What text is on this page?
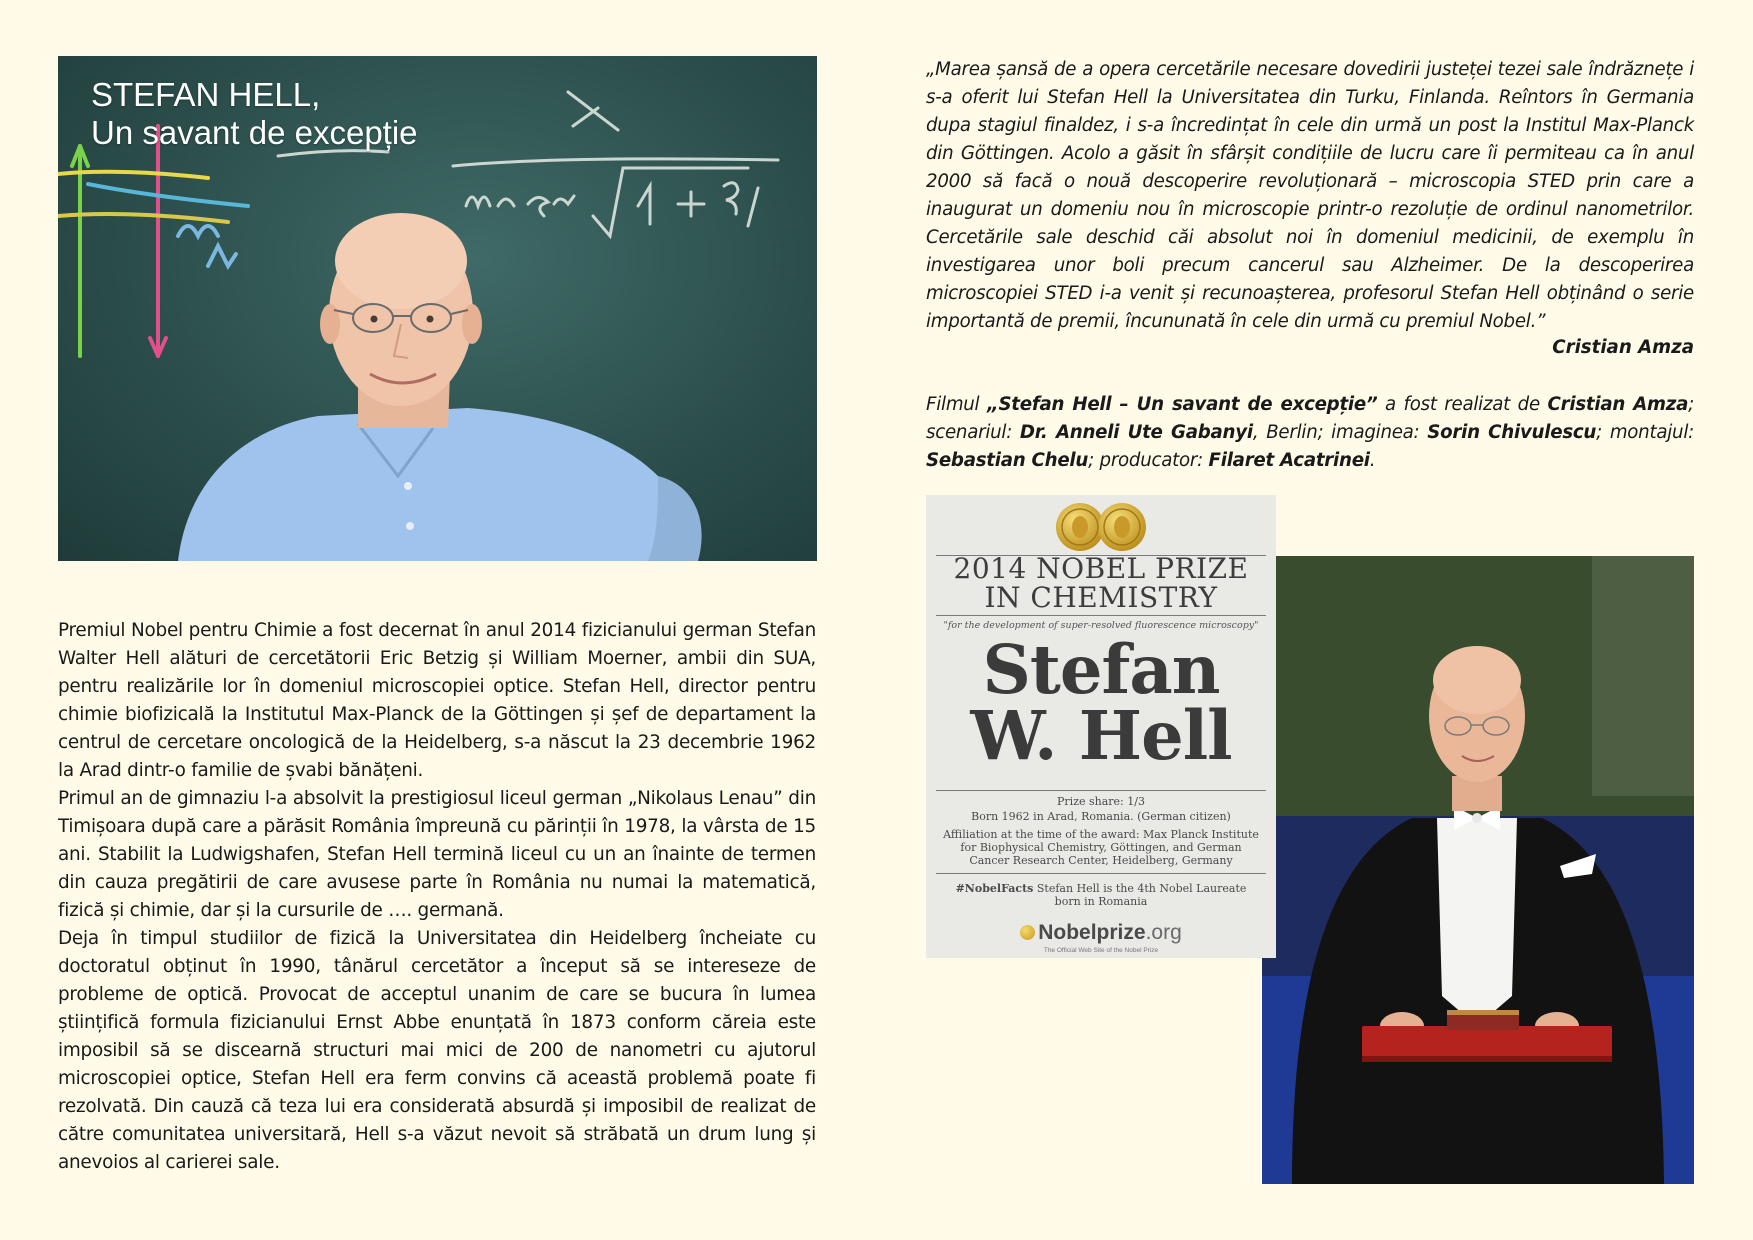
STEFAN HELL,
Un savant de excepție

Premiul Nobel pentru Chimie a fost decernat în anul 2014 fizicianului german Stefan Walter Hell alături de cercetătorii Eric Betzig și William Moerner, ambii din SUA, pentru realizările lor în domeniul microscopiei optice. Stefan Hell, director pentru chimie biofizicală la Institutul Max-Planck de la Göttingen și șef de departament la centrul de cercetare oncologică de la Heidelberg, s-a născut la 23 decembrie 1962 la Arad dintr-o familie de șvabi bănățeni.

Primul an de gimnaziu l-a absolvit la prestigiosul liceul german „Nikolaus Lenau” din Timișoara după care a părăsit România împreună cu părinții în 1978, la vârsta de 15 ani. Stabilit la Ludwigshafen, Stefan Hell termină liceul cu un an înainte de termen din cauza pregătirii de care avusese parte în România nu numai la matematică, fizică și chimie, dar și la cursurile de …. germană.

Deja în timpul studiilor de fizică la Universitatea din Heidelberg încheiate cu doctoratul obținut în 1990, tânărul cercetător a început să se intereseze de probleme de optică. Provocat de acceptul unanim de care se bucura în lumea științifică formula fizicianului Ernst Abbe enunțată în 1873 conform căreia este imposibil să se discearnă structuri mai mici de 200 de nanometri cu ajutorul microscopiei optice, Stefan Hell era ferm convins că această problemă poate fi rezolvată. Din cauză că teza lui era considerată absurdă și imposibil de realizat de către comunitatea universitară, Hell s-a văzut nevoit să străbată un drum lung și anevoios al carierei sale.

„Marea șansă de a opera cercetările necesare dovedirii justeței tezei sale îndrăznețe i s-a oferit lui Stefan Hell la Universitatea din Turku, Finlanda. Reîntors în Germania dupa stagiul finaldez, i s-a încredințat în cele din urmă un post la Institul Max-Planck din Göttingen. Acolo a găsit în sfârșit condițiile de lucru care îi permiteau ca în anul 2000 să facă o nouă descoperire revoluționară – microscopia STED prin care a inaugurat un domeniu nou în microscopie printr-o rezoluție de ordinul nanometrilor. Cercetările sale deschid căi absolut noi în domeniul medicinii, de exemplu în investigarea unor boli precum cancerul sau Alzheimer. De la descoperirea microscopiei STED i-a venit și recunoașterea, profesorul Stefan Hell obținând o serie importantă de premii, încununată în cele din urmă cu premiul Nobel.”
Cristian Amza
Filmul „Stefan Hell – Un savant de excepție” a fost realizat de Cristian Amza; scenariul: Dr. Anneli Ute Gabanyi, Berlin; imaginea: Sorin Chivulescu; montajul: Sebastian Chelu; producator: Filaret Acatrinei.
2014 NOBEL PRIZE
IN CHEMISTRY
"for the development of super-resolved fluorescence microscopy"
Stefan
W. Hell
Prize share: 1/3
Born 1962 in Arad, Romania. (German citizen)
Affiliation at the time of the award: Max Planck Institute for Biophysical Chemistry, Göttingen, and German Cancer Research Center, Heidelberg, Germany
#NobelFacts Stefan Hell is the 4th Nobel Laureate born in Romania
Nobelprize.org
The Official Web Site of the Nobel Prize
